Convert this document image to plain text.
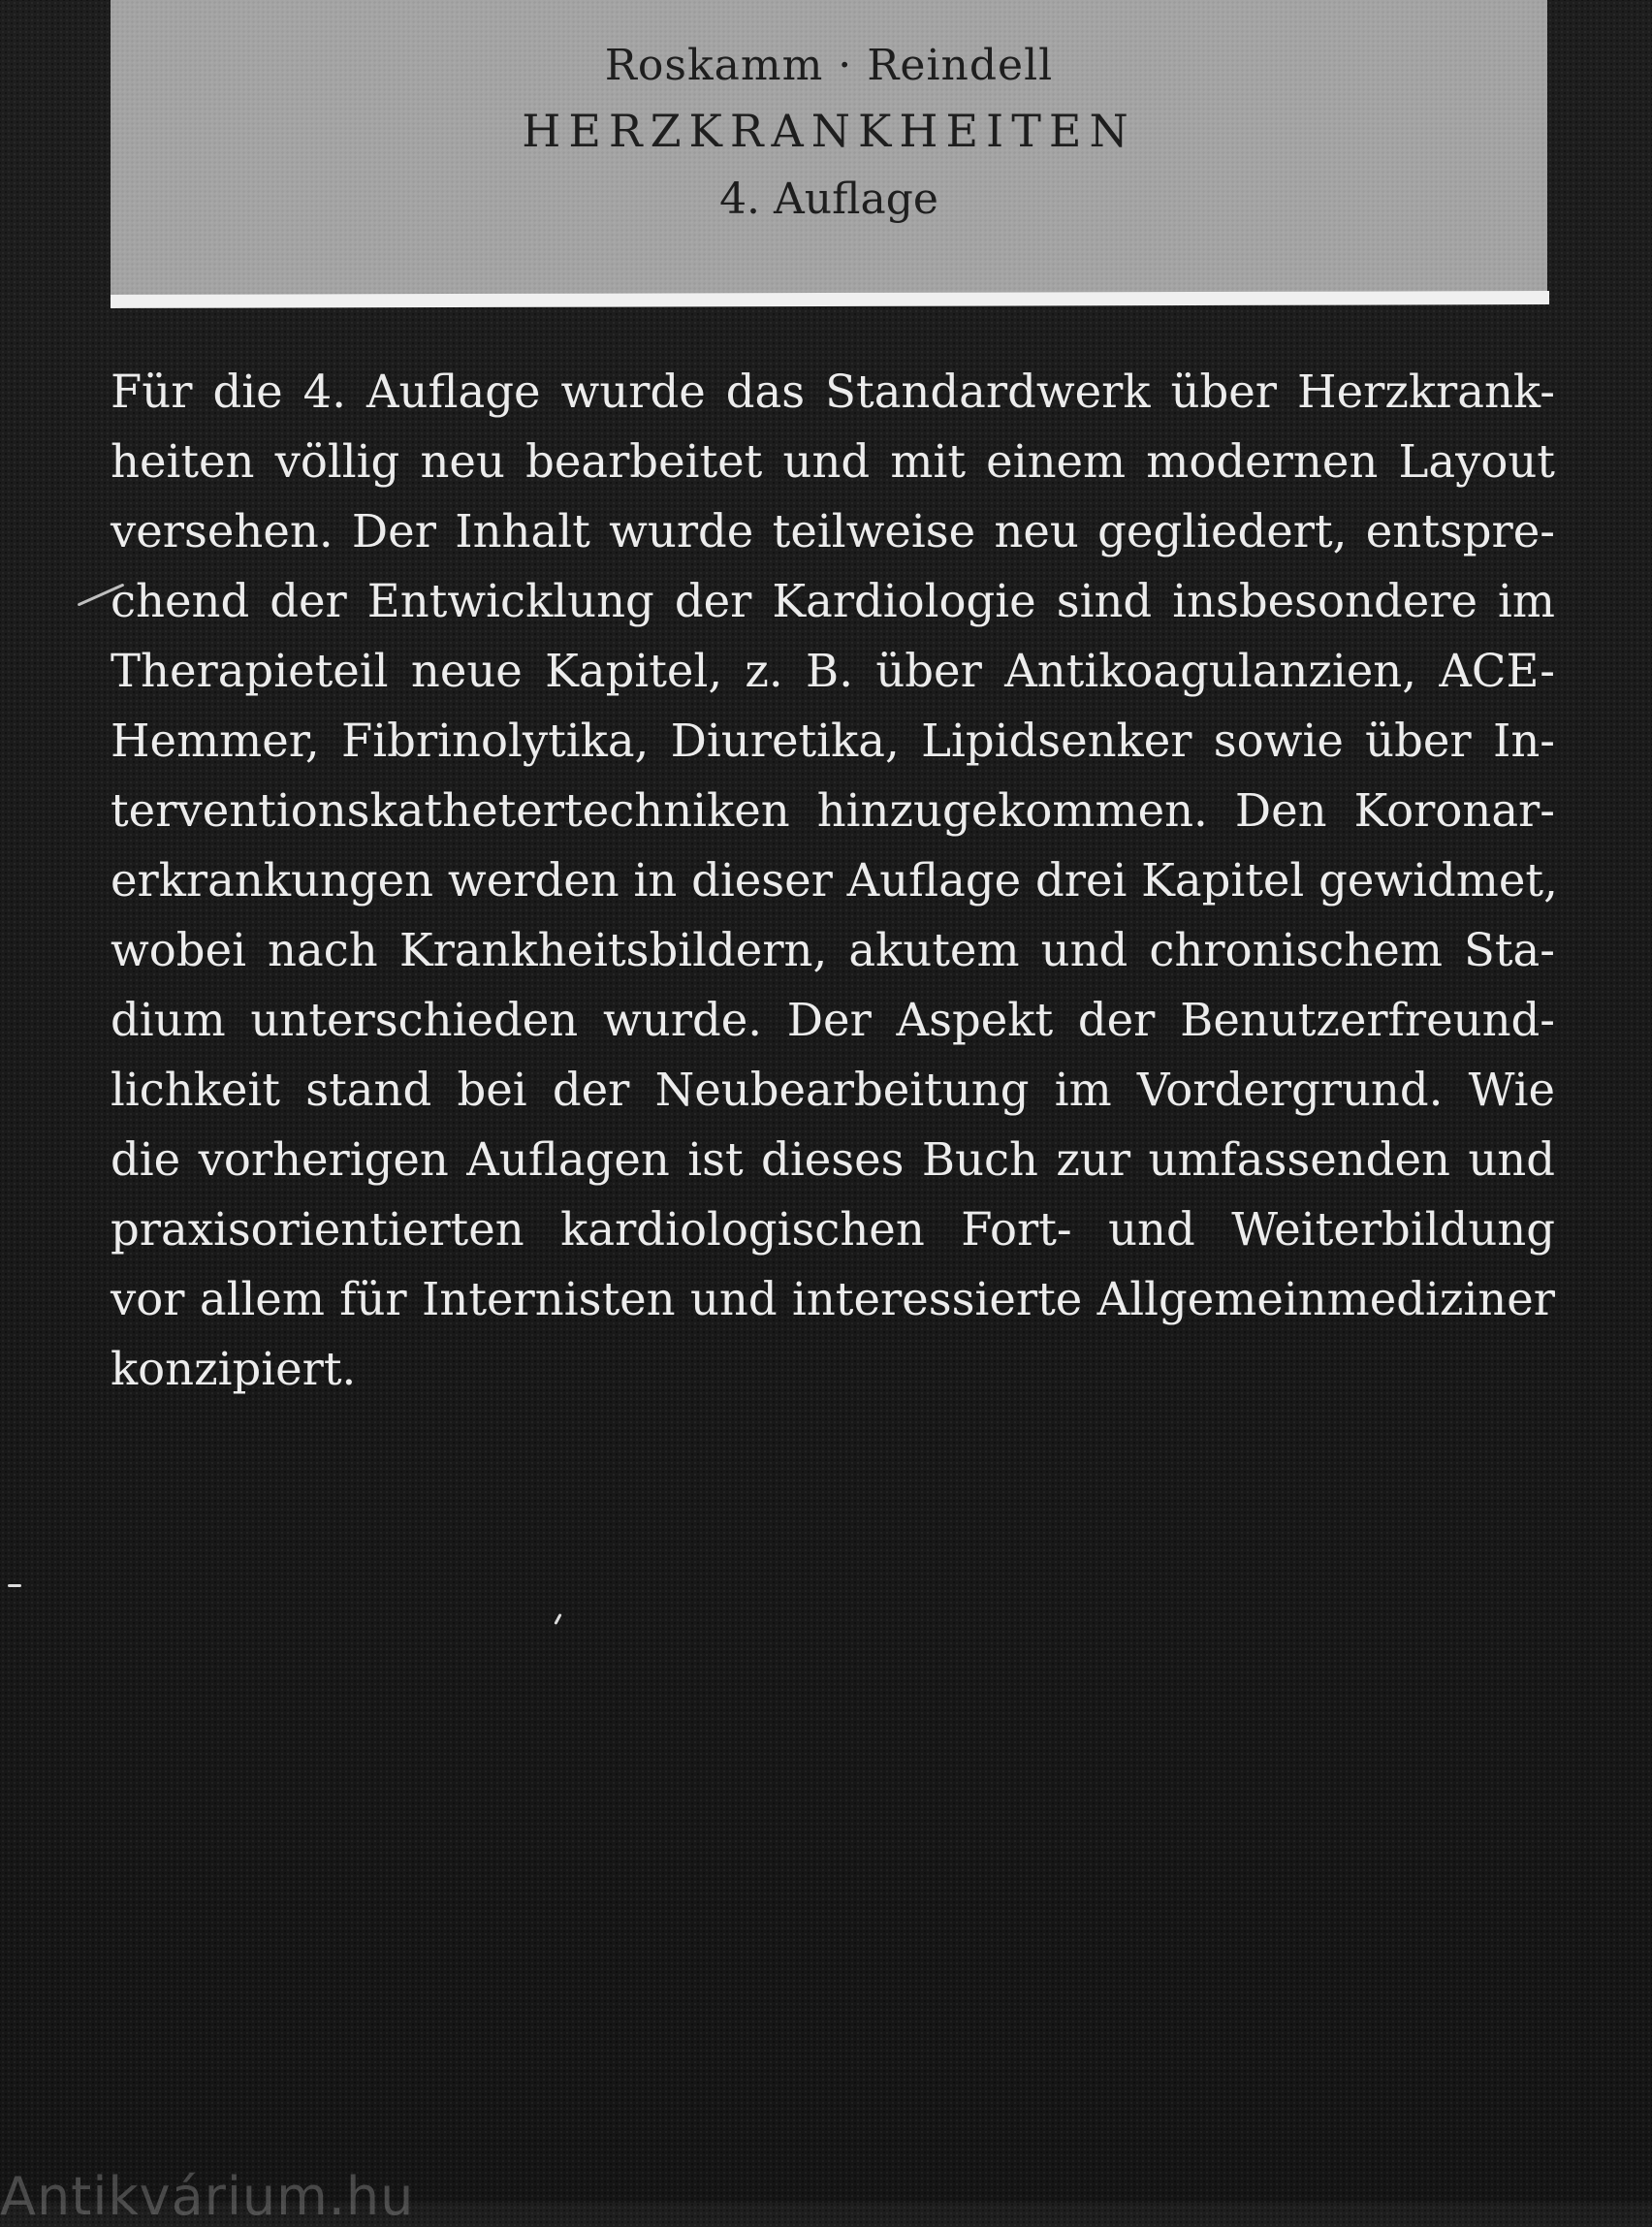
Roskamm · Reindell
HERZKRANKHEITEN
4. Auflage
Für die 4. Auflage wurde das Standardwerk über Herzkrank-
heiten völlig neu bearbeitet und mit einem modernen Layout
versehen. Der Inhalt wurde teilweise neu gegliedert, entspre-
chend der Entwicklung der Kardiologie sind insbesondere im
Therapieteil neue Kapitel, z. B. über Antikoagulanzien, ACE-
Hemmer, Fibrinolytika, Diuretika, Lipidsenker sowie über In-
terventionskathetertechniken hinzugekommen. Den Koronar-
erkrankungen werden in dieser Auflage drei Kapitel gewidmet,
wobei nach Krankheitsbildern, akutem und chronischem Sta-
dium unterschieden wurde. Der Aspekt der Benutzerfreund-
lichkeit stand bei der Neubearbeitung im Vordergrund. Wie
die vorherigen Auflagen ist dieses Buch zur umfassenden und
praxisorientierten kardiologischen Fort- und Weiterbildung
vor allem für Internisten und interessierte Allgemeinmediziner
konzipiert.
Antikvárium.hu
